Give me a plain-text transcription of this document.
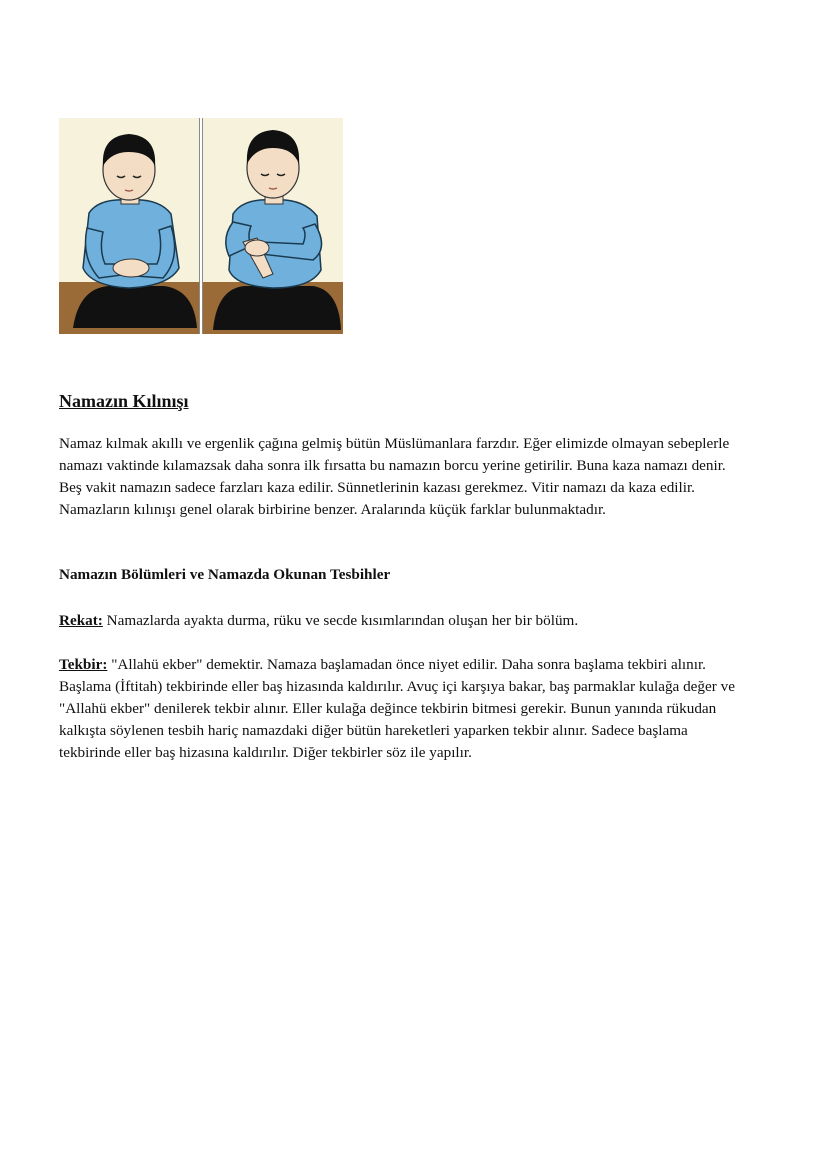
Namazın Kılınışı

Namaz kılmak akıllı ve ergenlik çağına gelmiş bütün Müslümanlara farzdır. Eğer elimizde olmayan sebeplerle namazı vaktinde kılamazsak daha sonra ilk fırsatta bu namazın borcu yerine getirilir. Buna kaza namazı denir. Beş vakit namazın sadece farzları kaza edilir. Sünnetlerinin kazası gerekmez. Vitir namazı da kaza edilir. Namazların kılınışı genel olarak birbirine benzer. Aralarında küçük farklar bulunmaktadır.

Namazın Bölümleri ve Namazda Okunan Tesbihler

Rekat: Namazlarda ayakta durma, rüku ve secde kısımlarından oluşan her bir bölüm.

Tekbir: "Allahü ekber" demektir. Namaza başlamadan önce niyet edilir. Daha sonra başlama tekbiri alınır. Başlama (İftitah) tekbirinde eller baş hizasında kaldırılır. Avuç içi karşıya bakar, baş parmaklar kulağa değer ve "Allahü ekber" denilerek tekbir alınır. Eller kulağa değince tekbirin bitmesi gerekir. Bunun yanında rükudan kalkışta söylenen tesbih hariç namazdaki diğer bütün hareketleri yaparken tekbir alınır. Sadece başlama tekbirinde eller baş hizasına kaldırılır. Diğer tekbirler söz ile yapılır.
